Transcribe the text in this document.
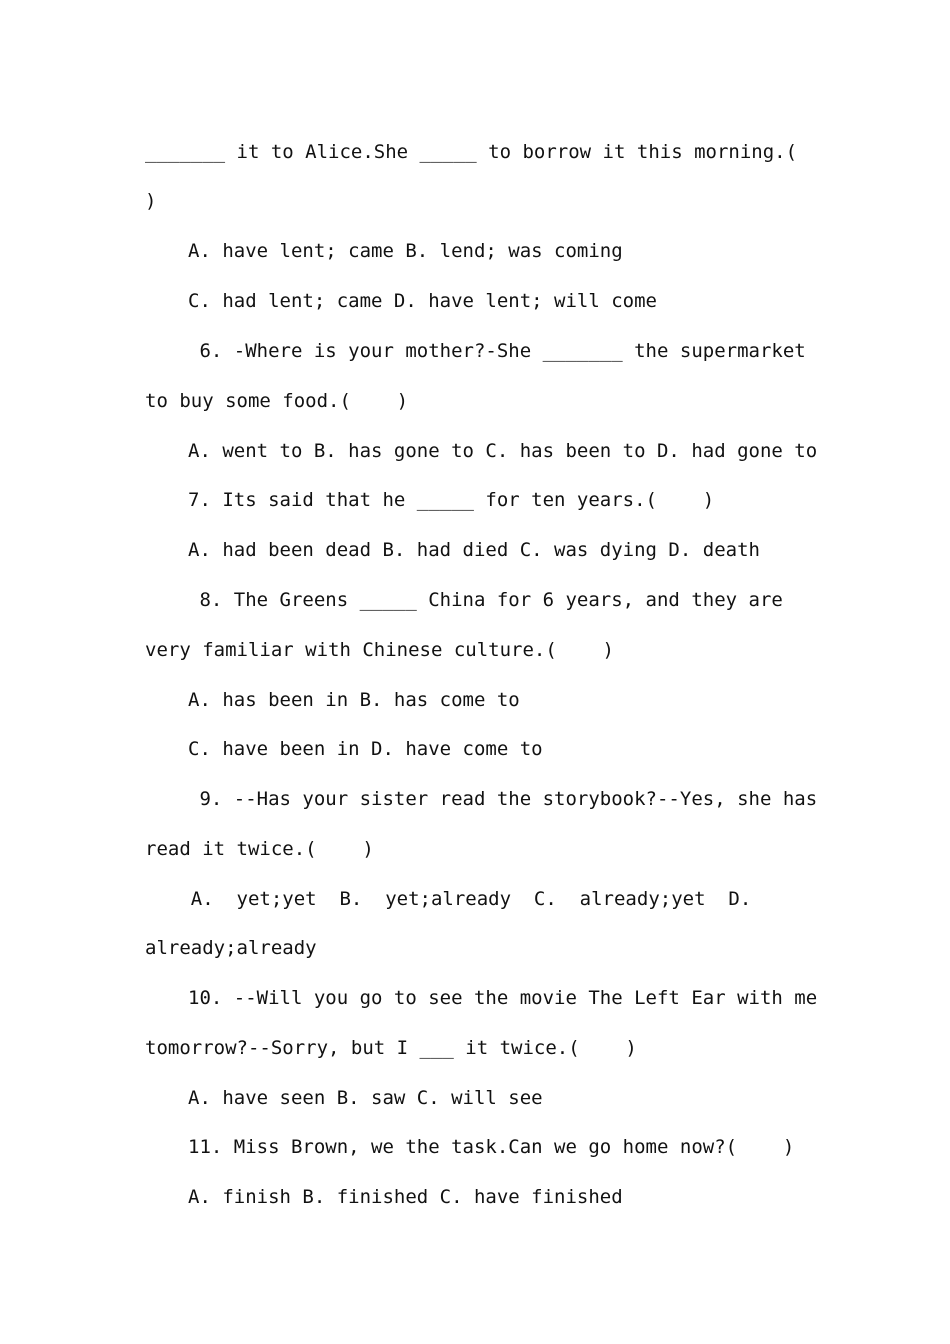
_______ it to Alice.She _____ to borrow it this morning.(
)
A. have lent; came B. lend; was coming
C. had lent; came D. have lent; will come
6. -Where is your mother?-She _______ the supermarket
to buy some food.(    )
A. went to B. has gone to C. has been to D. had gone to
7. Its said that he _____ for ten years.(    )
A. had been dead B. had died C. was dying D. death
8. The Greens _____ China for 6 years, and they are
very familiar with Chinese culture.(    )
A. has been in B. has come to
C. have been in D. have come to
9. --Has your sister read the storybook?--Yes, she has
read it twice.(    )
A.  yet;yet  B.  yet;already  C.  already;yet  D.
already;already
10. --Will you go to see the movie The Left Ear with me
tomorrow?--Sorry, but I ___ it twice.(    )
A. have seen B. saw C. will see
11. Miss Brown, we the task.Can we go home now?(    )
A. finish B. finished C. have finished
